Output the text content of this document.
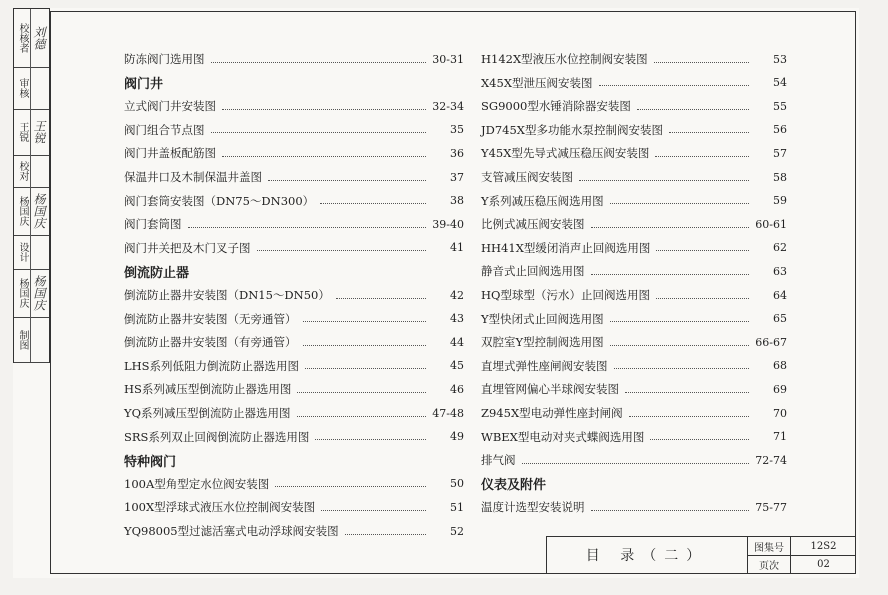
校核者 刘德
审核
王锐 王锐
校对
杨国庆 杨国庆
设计
杨国庆 杨国庆
制图
防冻阀门选用图	30-31
阀门井
立式阀门井安装图	32-34
阀门组合节点图	35
阀门井盖板配筋图	36
保温井口及木制保温井盖图	37
阀门套筒安装图（DN75～DN300）	38
阀门套筒图	39-40
阀门井关把及木门叉子图	41
倒流防止器
倒流防止器井安装图（DN15～DN50）	42
倒流防止器井安装图（无旁通管）	43
倒流防止器井安装图（有旁通管）	44
LHS系列低阻力倒流防止器选用图	45
HS系列减压型倒流防止器选用图	46
YQ系列减压型倒流防止器选用图	47-48
SRS系列双止回阀倒流防止器选用图	49
特种阀门
100A型角型定水位阀安装图	50
100X型浮球式液压水位控制阀安装图	51
YQ98005型过滤活塞式电动浮球阀安装图	52
H142X型液压水位控制阀安装图	53
X45X型泄压阀安装图	54
SG9000型水锤消除器安装图	55
JD745X型多功能水泵控制阀安装图	56
Y45X型先导式减压稳压阀安装图	57
支管减压阀安装图	58
Y系列减压稳压阀选用图	59
比例式减压阀安装图	60-61
HH41X型缓闭消声止回阀选用图	62
静音式止回阀选用图	63
HQ型球型（污水）止回阀选用图	64
Y型快闭式止回阀选用图	65
双腔室Y型控制阀选用图	66-67
直埋式弹性座闸阀安装图	68
直埋管网偏心半球阀安装图	69
Z945X型电动弹性座封闸阀	70
WBEX型电动对夹式蝶阀选用图	71
排气阀	72-74
仪表及附件
温度计选型安装说明	75-77
目 录（二）	图集号	12S2
页次	02
